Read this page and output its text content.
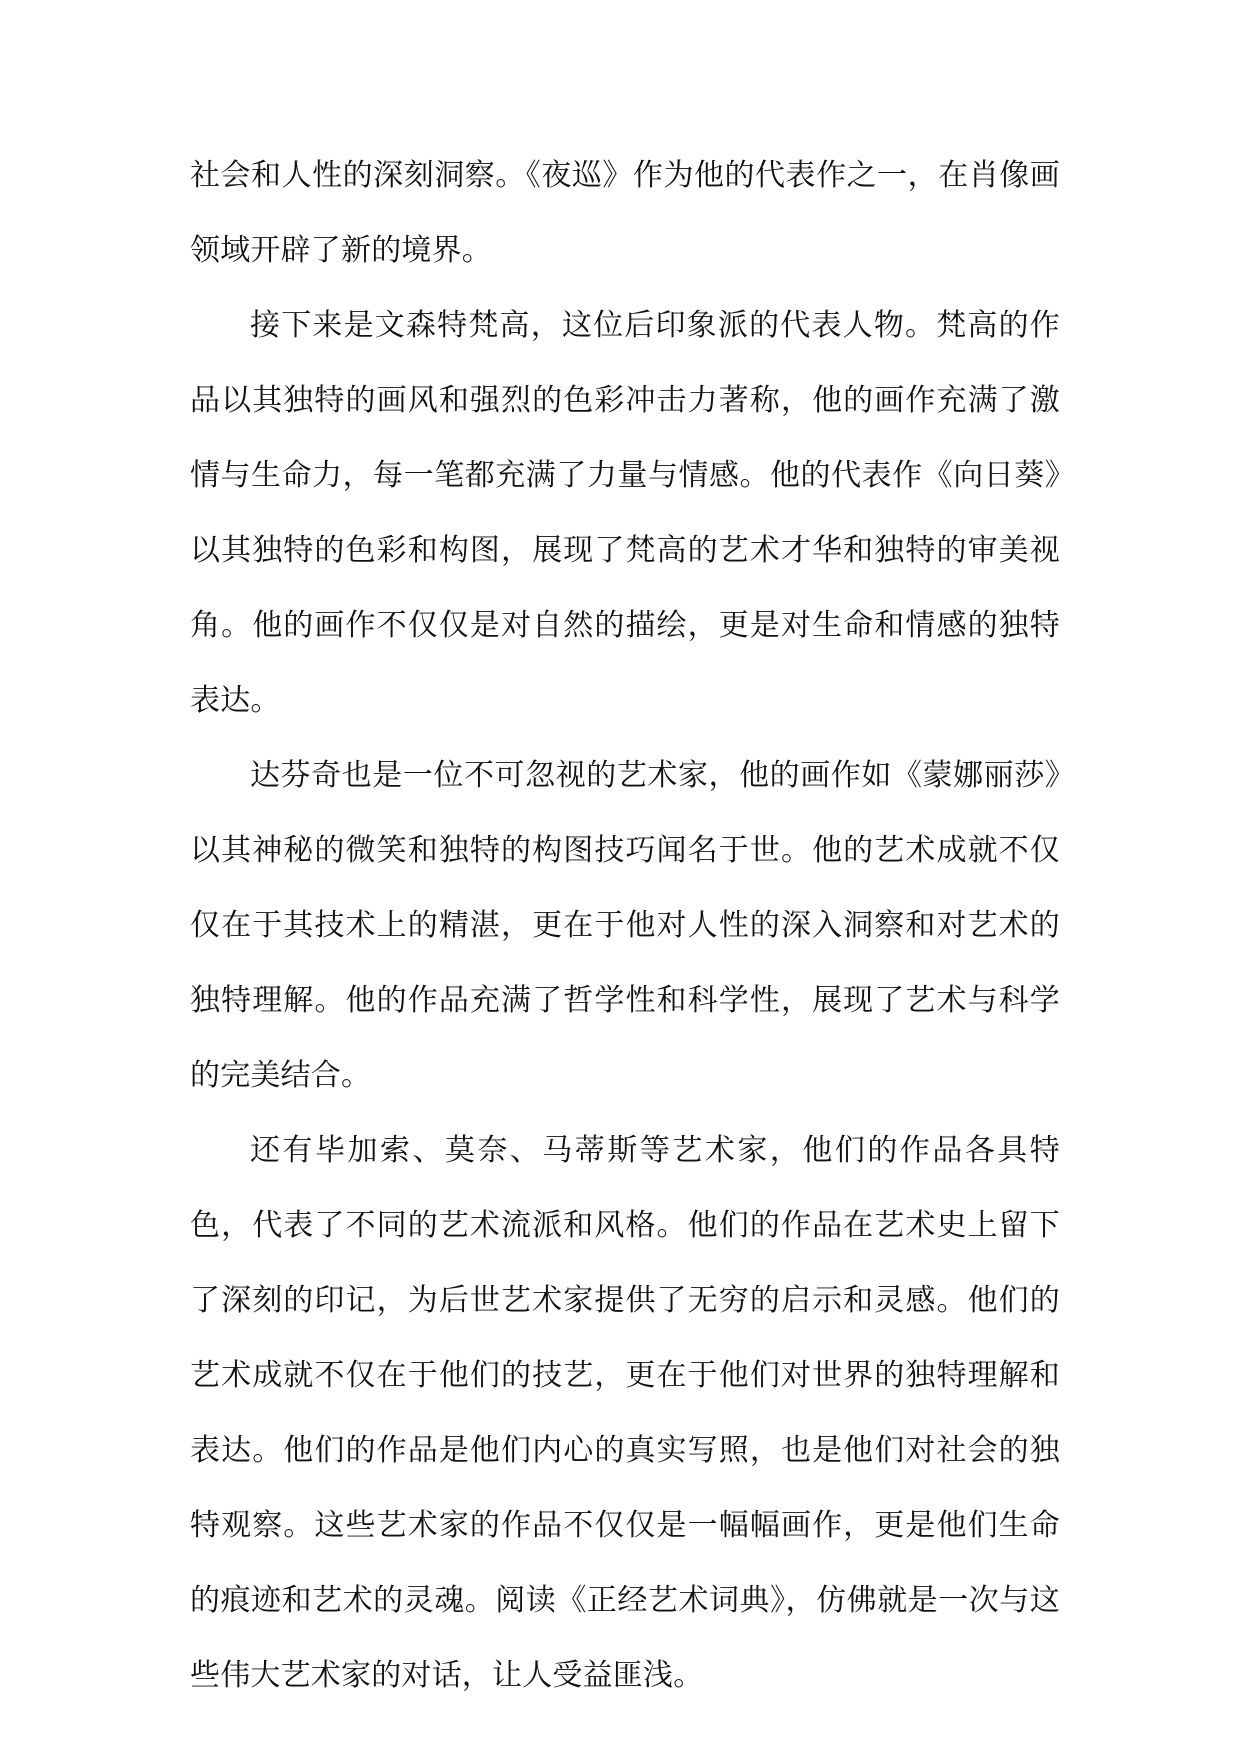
社会和人性的深刻洞察。《夜巡》作为他的代表作之一，在肖像画领域开辟了新的境界。

接下来是文森特梵高，这位后印象派的代表人物。梵高的作品以其独特的画风和强烈的色彩冲击力著称，他的画作充满了激情与生命力，每一笔都充满了力量与情感。他的代表作《向日葵》以其独特的色彩和构图，展现了梵高的艺术才华和独特的审美视角。他的画作不仅仅是对自然的描绘，更是对生命和情感的独特表达。

达芬奇也是一位不可忽视的艺术家，他的画作如《蒙娜丽莎》以其神秘的微笑和独特的构图技巧闻名于世。他的艺术成就不仅仅在于其技术上的精湛，更在于他对人性的深入洞察和对艺术的独特理解。他的作品充满了哲学性和科学性，展现了艺术与科学的完美结合。

还有毕加索、莫奈、马蒂斯等艺术家，他们的作品各具特色，代表了不同的艺术流派和风格。他们的作品在艺术史上留下了深刻的印记，为后世艺术家提供了无穷的启示和灵感。他们的艺术成就不仅在于他们的技艺，更在于他们对世界的独特理解和表达。他们的作品是他们内心的真实写照，也是他们对社会的独特观察。这些艺术家的作品不仅仅是一幅幅画作，更是他们生命的痕迹和艺术的灵魂。阅读《正经艺术词典》，仿佛就是一次与这些伟大艺术家的对话，让人受益匪浅。
